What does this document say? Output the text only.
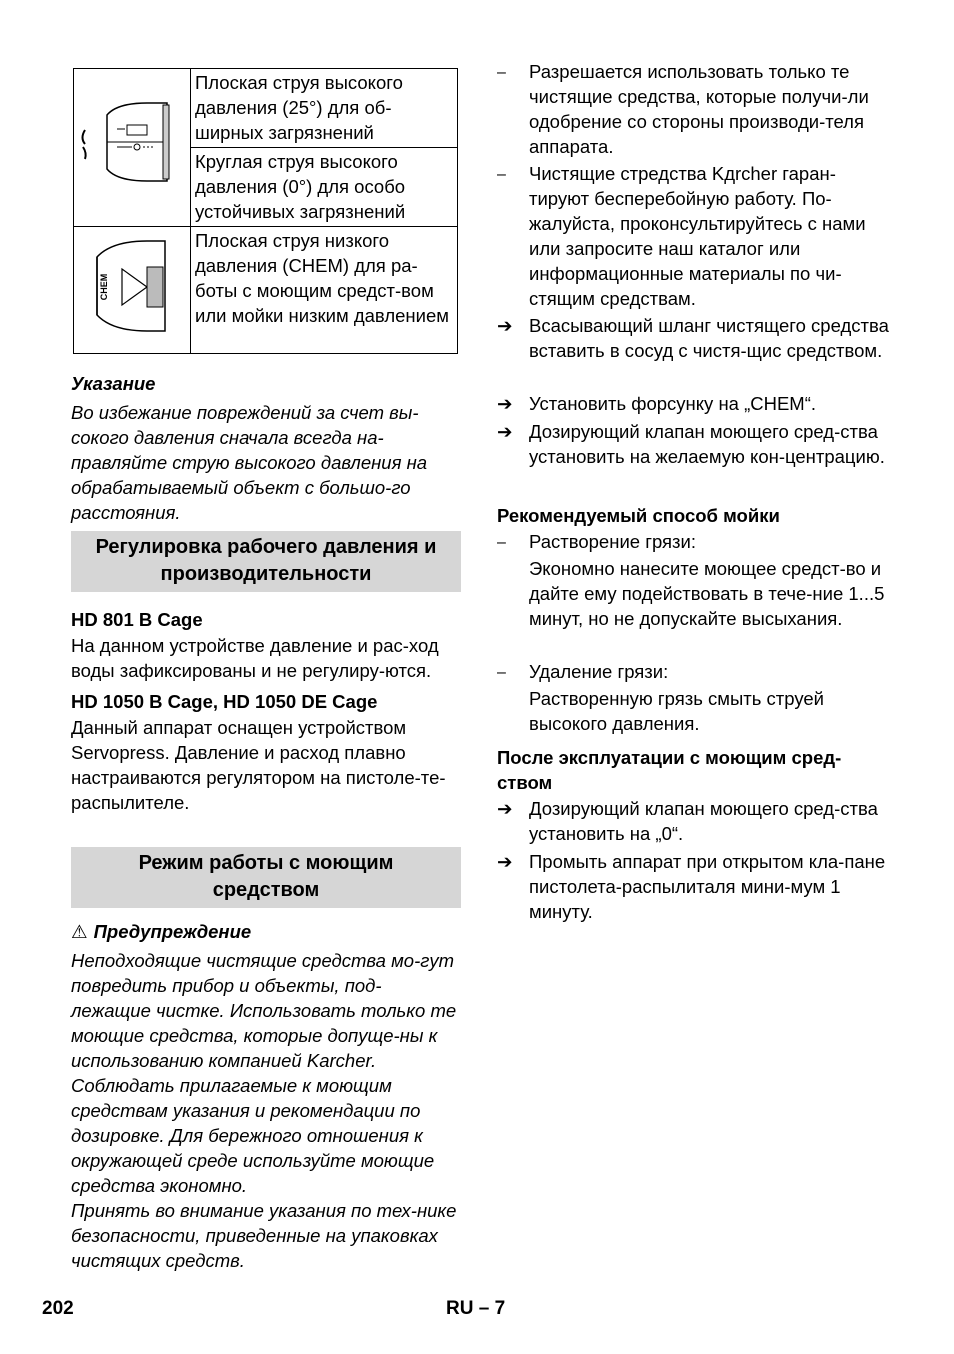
	Плоская струя высокого давления (25°) для об-ширных загрязнений
	Круглая струя высокого давления (0°) для особо устойчивых загрязнений

CHEM	Плоская струя низкого давления (CHEM) для ра-боты с моющим средст-вом или мойки низким давлением

Указание

Во избежание повреждений за счет вы-сокого давления сначала всегда на-правляйте струю высокого давления на обрабатываемый объект с большо-го расстояния.

Регулировка рабочего давления и
производительности

HD 801 B Cage

На данном устройстве давление и рас-ход воды зафиксированы и не регулиру-ются.

HD 1050 B Cage, HD 1050 DE Cage

Данный аппарат оснащен устройством Servopress. Давление и расход плавно настраиваются регулятором на пистоле-те-распылителе.

Режим работы с моющим
средством

⚠ Предупреждение

Неподходящие чистящие средства мо-гут повредить прибор и объекты, под-лежащие чистке. Использовать только те моющие средства, которые допуще-ны к использованию компанией Karcher. Соблюдать прилагаемые к моющим средствам указания и рекомендации по дозировке. Для бережного отношения к окружающей среде используйте моющие средства экономно.

Принять во внимание указания по тех-нике безопасности, приведенные на упаковках чистящих средств.

–	Разрешается использовать только те чистящие средства, которые получи-ли одобрение со стороны производи-теля аппарата.
–	Чистящие стредства Kдrcher гаран-тируют бесперебойную работу. По-жалуйста, проконсультируйтесь с нами или запросите наш каталог или информационные материалы по чи-стящим средствам.
➔ Всасывающий шланг чистящего средства вставить в сосуд с чистя-щис средством.
➔ Установить форсунку на „CHEM“.
➔ Дозирующий клапан моющего сред-ства установить на желаемую кон-центрацию.
Рекомендуемый способ мойки
–	Растворение грязи:
Экономно нанесите моющее средст-во и дайте ему подействовать в тече-ние 1...5 минут, но не допускайте высыхания.
–	Удаление грязи:
Растворенную грязь смыть струей высокого давления.
После эксплуатации с моющим сред-ством
➔ Дозирующий клапан моющего сред-ства установить на „0“.
➔ Промыть аппарат при открытом кла-пане пистолета-распылиталя мини-мум 1 минуту.
202	RU – 7
